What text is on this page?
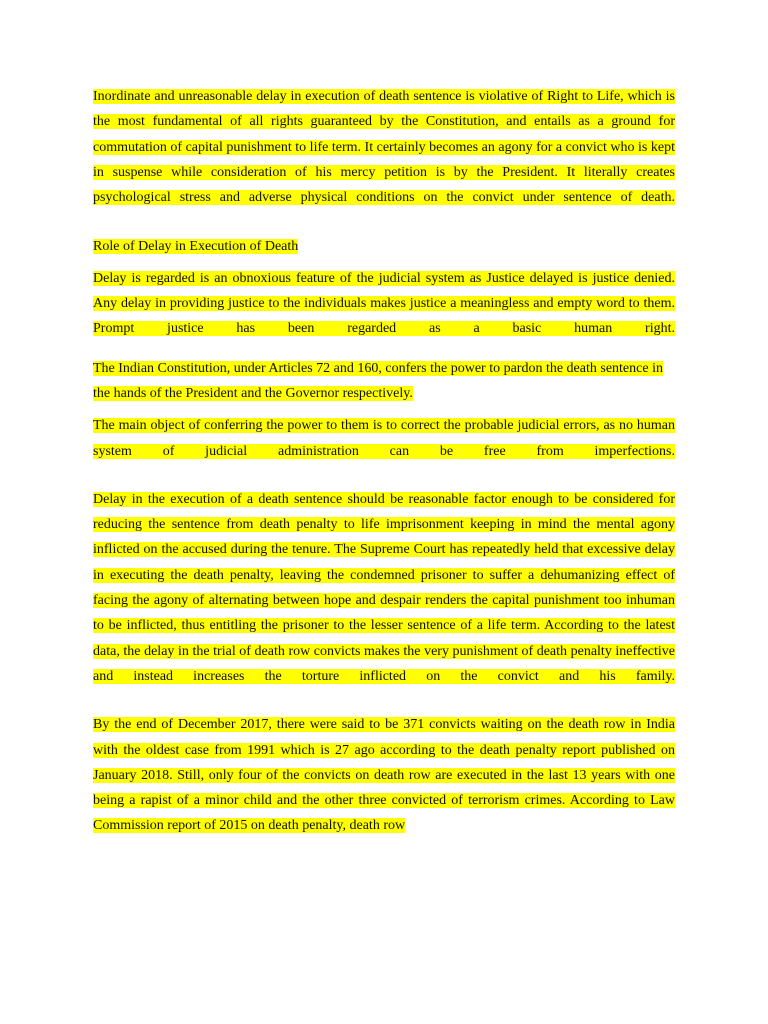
Inordinate and unreasonable delay in execution of death sentence is violative of Right to Life, which is the most fundamental of all rights guaranteed by the Constitution, and entails as a ground for commutation of capital punishment to life term. It certainly becomes an agony for a convict who is kept in suspense while consideration of his mercy petition is by the President. It literally creates psychological stress and adverse physical conditions on the convict under sentence of death.

Role of Delay in Execution of Death

Delay is regarded is an obnoxious feature of the judicial system as Justice delayed is justice denied. Any delay in providing justice to the individuals makes justice a meaningless and empty word to them. Prompt justice has been regarded as a basic human right.

The Indian Constitution, under Articles 72 and 160, confers the power to pardon the death sentence in the hands of the President and the Governor respectively.

The main object of conferring the power to them is to correct the probable judicial errors, as no human system of judicial administration can be free from imperfections.

Delay in the execution of a death sentence should be reasonable factor enough to be considered for reducing the sentence from death penalty to life imprisonment keeping in mind the mental agony inflicted on the accused during the tenure. The Supreme Court has repeatedly held that excessive delay in executing the death penalty, leaving the condemned prisoner to suffer a dehumanizing effect of facing the agony of alternating between hope and despair renders the capital punishment too inhuman to be inflicted, thus entitling the prisoner to the lesser sentence of a life term. According to the latest data, the delay in the trial of death row convicts makes the very punishment of death penalty ineffective and instead increases the torture inflicted on the convict and his family.

By the end of December 2017, there were said to be 371 convicts waiting on the death row in India with the oldest case from 1991 which is 27 ago according to the death penalty report published on January 2018. Still, only four of the convicts on death row are executed in the last 13 years with one being a rapist of a minor child and the other three convicted of terrorism crimes. According to Law Commission report of 2015 on death penalty, death row
